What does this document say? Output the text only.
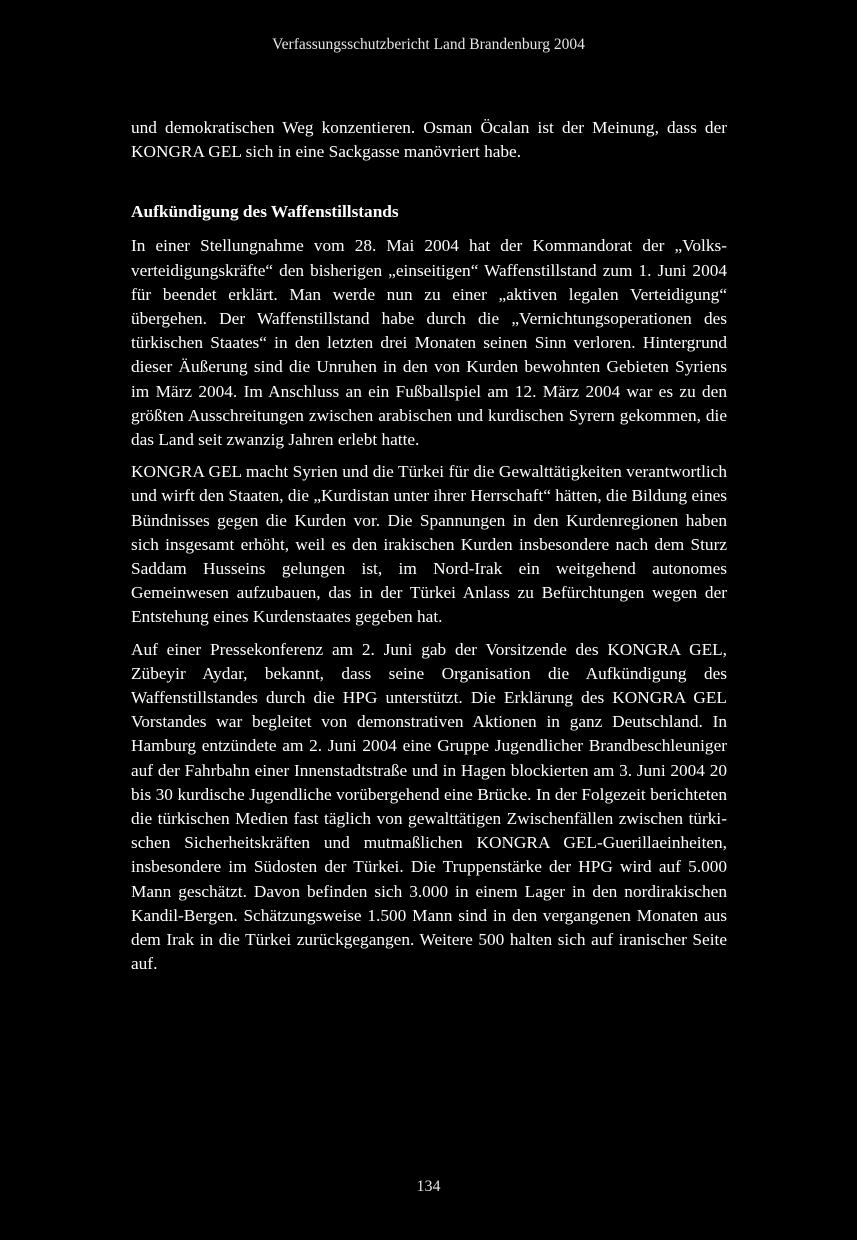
Verfassungsschutzbericht Land Brandenburg 2004

und demokratischen Weg konzentieren. Osman Öcalan ist der Meinung, dass der KONGRA GEL sich in eine Sackgasse manövriert habe.

Aufkündigung des Waffenstillstands

In einer Stellungnahme vom 28. Mai 2004 hat der Kommandorat der „Volksverteidigungskräfte“ den bisherigen „einseitigen“ Waffenstillstand zum 1. Juni 2004 für beendet erklärt. Man werde nun zu einer „aktiven legalen Verteidigung“ übergehen. Der Waffenstillstand habe durch die „Vernichtungsoperationen des türkischen Staates“ in den letzten drei Monaten seinen Sinn verloren. Hintergrund dieser Äußerung sind die Unruhen in den von Kurden bewohnten Gebieten Syriens im März 2004. Im Anschluss an ein Fußballspiel am 12. März 2004 war es zu den größten Ausschreitungen zwischen arabischen und kurdischen Syrern gekommen, die das Land seit zwanzig Jahren erlebt hatte.

KONGRA GEL macht Syrien und die Türkei für die Gewalttätigkeiten verantwortlich und wirft den Staaten, die „Kurdistan unter ihrer Herrschaft“ hätten, die Bildung eines Bündnisses gegen die Kurden vor. Die Spannungen in den Kurdenregionen haben sich insgesamt erhöht, weil es den irakischen Kurden insbesondere nach dem Sturz Saddam Husseins gelungen ist, im Nord-Irak ein weitgehend autonomes Gemeinwesen aufzubauen, das in der Türkei Anlass zu Befürchtungen wegen der Entstehung eines Kurdenstaates gegeben hat.

Auf einer Pressekonferenz am 2. Juni gab der Vorsitzende des KONGRA GEL, Zübeyir Aydar, bekannt, dass seine Organisation die Aufkündigung des Waffenstillstandes durch die HPG unterstützt. Die Erklärung des KONGRA GEL Vorstandes war begleitet von demonstrativen Aktionen in ganz Deutschland. In Hamburg entzündete am 2. Juni 2004 eine Gruppe Jugendlicher Brandbeschleuniger auf der Fahrbahn einer Innenstadtstraße und in Hagen blockierten am 3. Juni 2004 20 bis 30 kurdische Jugendliche vorübergehend eine Brücke. In der Folgezeit berichteten die türkischen Medien fast täglich von gewalttätigen Zwischenfällen zwischen türkischen Sicherheitskräften und mutmaßlichen KONGRA GEL-Guerillaeinheiten, insbesondere im Südosten der Türkei. Die Truppenstärke der HPG wird auf 5.000 Mann geschätzt. Davon befinden sich 3.000 in einem Lager in den nordirakischen Kandil-Bergen. Schätzungsweise 1.500 Mann sind in den vergangenen Monaten aus dem Irak in die Türkei zurückgegangen. Weitere 500 halten sich auf iranischer Seite auf.

134
